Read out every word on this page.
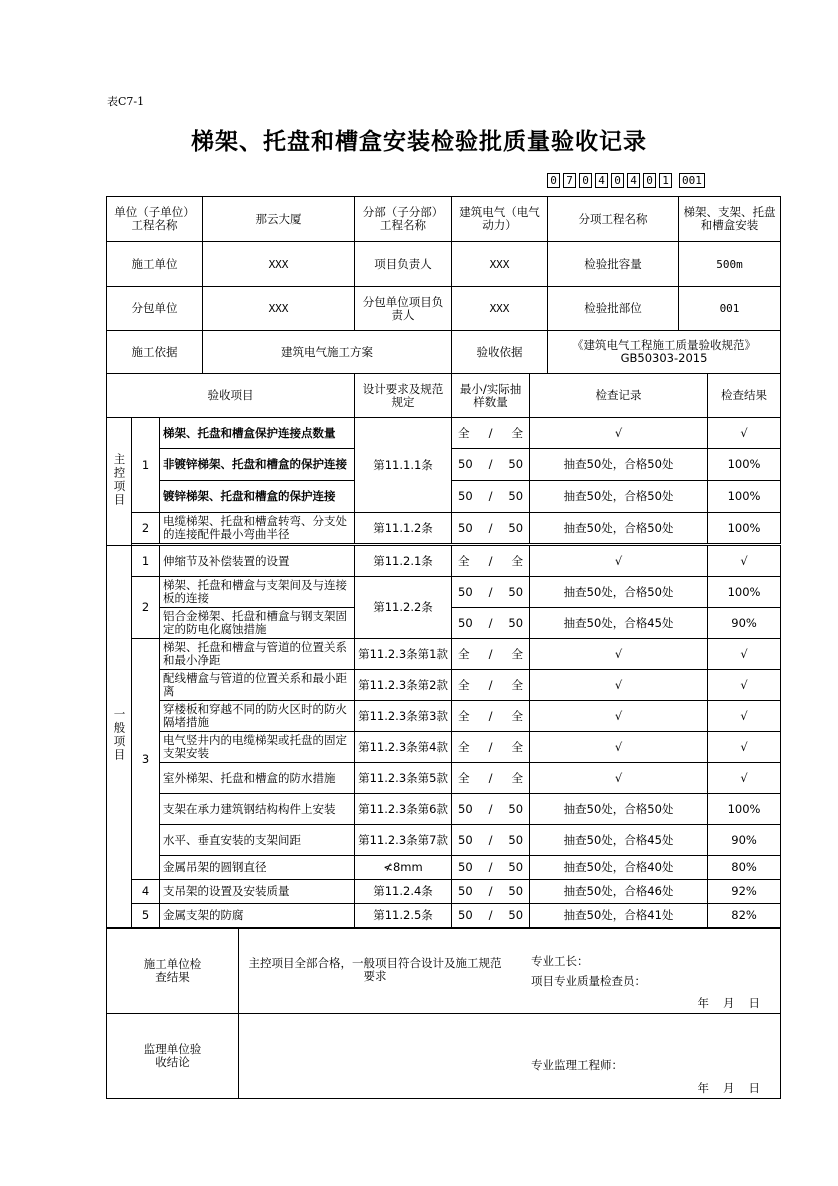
表C7-1
梯架、托盘和槽盒安装检验批质量验收记录
0 7 0 4 0 4 0 1 001
单位（子单位）工程名称	那云大厦	分部（子分部）工程名称	建筑电气（电气动力）	分项工程名称	梯架、支架、托盘和槽盒安装
施工单位	XXX	项目负责人	XXX	检验批容量	500m
分包单位	XXX	分包单位项目负责人	XXX	检验批部位	001
施工依据	建筑电气施工方案		验收依据	《建筑电气工程施工质量验收规范》GB50303-2015	
验收项目			设计要求及规范规定	最小/实际抽样数量	检查记录	检查结果
主控项目	1	梯架、托盘和槽盒保护连接点数量	第11.1.1条	全 / 全	√	√
		非镀锌梯架、托盘和槽盒的保护连接		50 / 50	抽查50处，合格50处	100%
		镀锌梯架、托盘和槽盒的保护连接		50 / 50	抽查50处，合格50处	100%
	2	电缆梯架、托盘和槽盒转弯、分支处的连接配件最小弯曲半径	第11.1.2条	50 / 50	抽查50处，合格50处	100%

一般项目	1	伸缩节及补偿装置的设置	第11.2.1条	全 / 全	√	√
	2	梯架、托盘和槽盒与支架间及与连接板的连接	第11.2.2条	50 / 50	抽查50处，合格50处	100%
		铝合金梯架、托盘和槽盒与钢支架固定的防电化腐蚀措施		50 / 50	抽查50处，合格45处	90%
	3	梯架、托盘和槽盒与管道的位置关系和最小净距	第11.2.3条第1款	全 / 全	√	√
		配线槽盒与管道的位置关系和最小距离	第11.2.3条第2款	全 / 全	√	√
		穿楼板和穿越不同的防火区时的防火隔堵措施	第11.2.3条第3款	全 / 全	√	√
		电气竖井内的电缆梯架或托盘的固定支架安装	第11.2.3条第4款	全 / 全	√	√
		室外梯架、托盘和槽盒的防水措施	第11.2.3条第5款	全 / 全	√	√
		支架在承力建筑钢结构构件上安装	第11.2.3条第6款	50 / 50	抽查50处，合格50处	100%
		水平、垂直安装的支架间距	第11.2.3条第7款	50 / 50	抽查50处，合格45处	90%
		金属吊架的圆钢直径	≮8mm	50 / 50	抽查50处，合格40处	80%
	4	支吊架的设置及安装质量	第11.2.4条	50 / 50	抽查50处，合格46处	92%
	5	金属支架的防腐	第11.2.5条	50 / 50	抽查50处，合格41处	82%
施工单位检查结果	主控项目全部合格，一般项目符合设计及施工规范要求
专业工长：
项目专业质量检查员：
年月日

监理单位验收结论	专业监理工程师：
年月日
